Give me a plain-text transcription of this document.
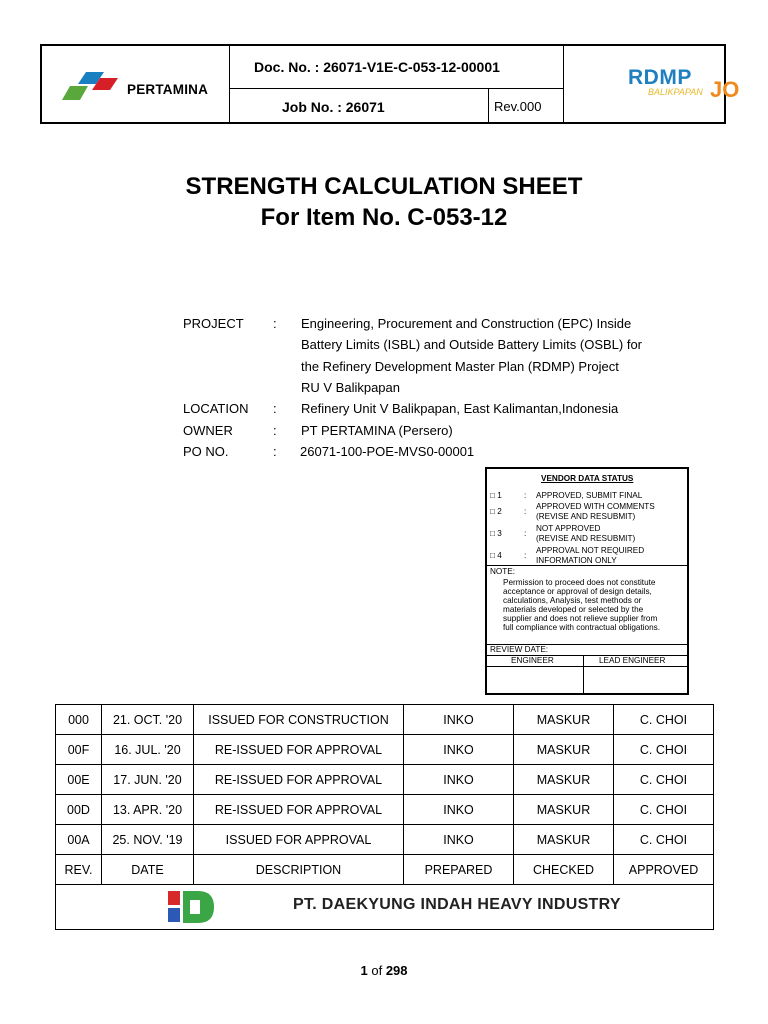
PERTAMINA
Doc. No. : 26071-V1E-C-053-12-00001
Job No. : 26071	Rev.000
RDMP
BALIKPAPAN JO
STRENGTH CALCULATION SHEET
For Item No. C-053-12
PROJECT : Engineering, Procurement and Construction (EPC) Inside
Battery Limits (ISBL) and Outside Battery Limits (OSBL) for
the Refinery Development Master Plan (RDMP) Project
RU V Balikpapan
LOCATION : Refinery Unit V Balikpapan, East Kalimantan,Indonesia
OWNER	: PT PERTAMINA (Persero)
PO NO.	: 26071-100-POE-MVS0-00001
VENDOR DATA STATUS
□ 1	: APPROVED, SUBMIT FINAL
□ 2	:
APPROVED WITH COMMENTS
(REVISE AND RESUBMIT)
□ 3	:
NOT APPROVED
(REVISE AND RESUBMIT)
□ 4	:
APPROVAL NOT REQUIRED
INFORMATION ONLY
NOTE:
Permission to proceed does not constitute
acceptance or approval of design details,
calculations, Analysis, test methods or
materials developed or selected by the
supplier and does not relieve supplier from
full compliance with contractual obligations.
REVIEW DATE:
ENGINEER	LEAD ENGINEER
000	21. OCT. '20	ISSUED FOR CONSTRUCTION	INKO	MASKUR	C. CHOI
00F	16. JUL. '20	RE-ISSUED FOR APPROVAL	INKO	MASKUR	C. CHOI
00E	17. JUN. '20	RE-ISSUED FOR APPROVAL	INKO	MASKUR	C. CHOI
00D	13. APR. '20	RE-ISSUED FOR APPROVAL	INKO	MASKUR	C. CHOI
00A	25. NOV. '19	ISSUED FOR APPROVAL	INKO	MASKUR	C. CHOI
REV.	DATE	DESCRIPTION	PREPARED	CHECKED	APPROVED

PT. DAEKYUNG INDAH HEAVY INDUSTRY					
1 of 298
